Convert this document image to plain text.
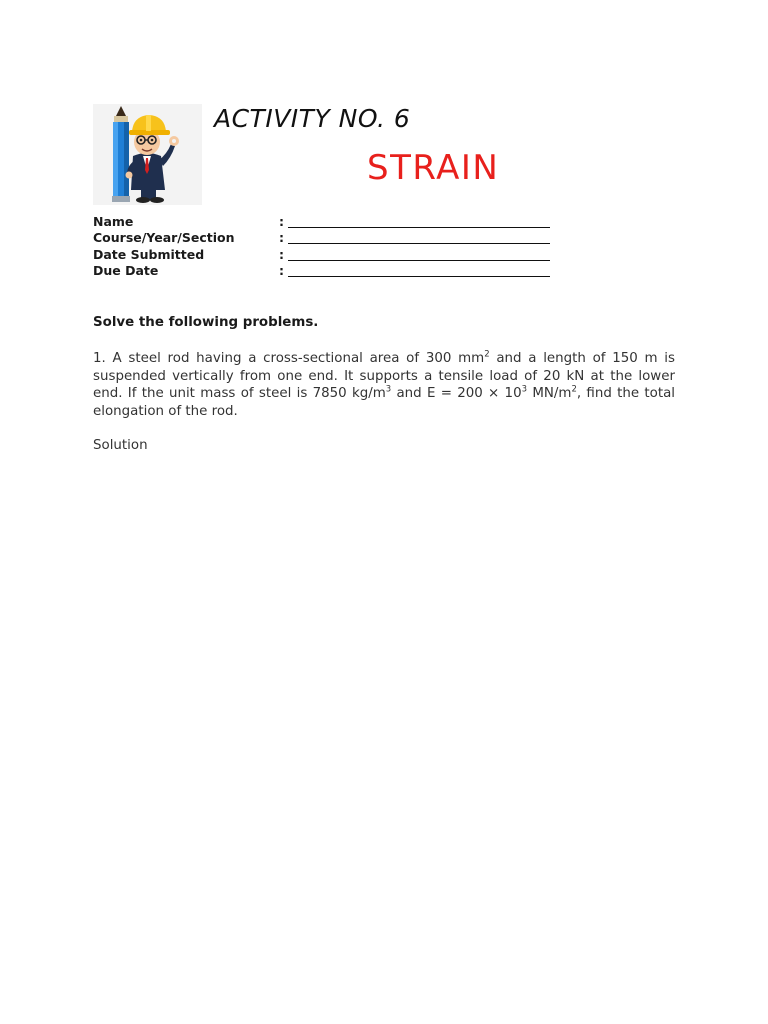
ACTIVITY NO. 6
STRAIN
Name	:
Course/Year/Section	:
Date Submitted	:
Due Date	:
Solve the following problems.
1. A steel rod having a cross-sectional area of 300 $mm^2$ and a length of 150 m is suspended vertically from one end. It supports a tensile load of 20 kN at the lower end. If the unit mass of steel is 7850 $kg/m^3$ and $E = 200 \times 10^3$ $MN/m^2$, find the total elongation of the rod.
Solution
